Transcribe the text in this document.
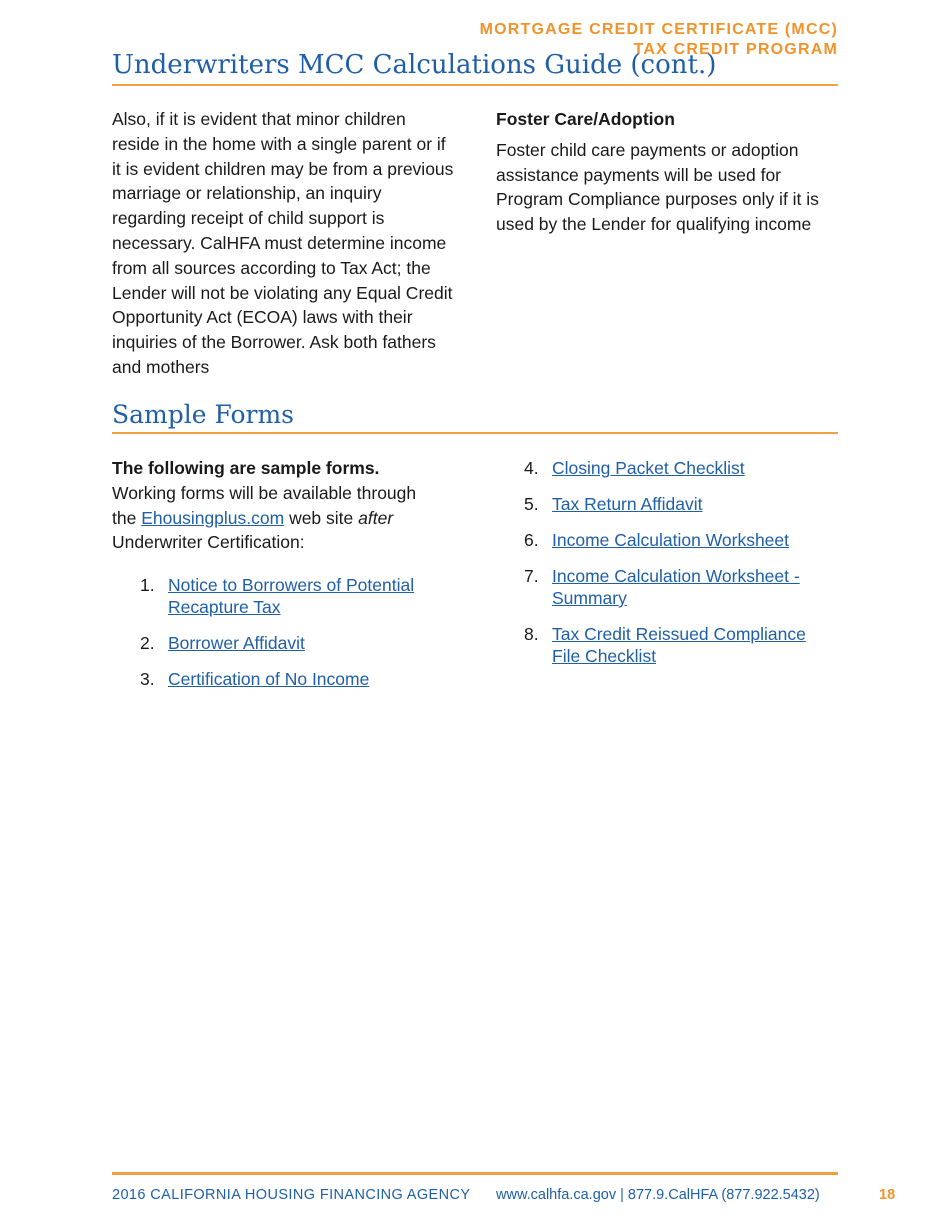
MORTGAGE CREDIT CERTIFICATE (MCC)
TAX CREDIT PROGRAM
Underwriters MCC Calculations Guide (cont.)

Also, if it is evident that minor children reside in the home with a single parent or if it is evident children may be from a previous marriage or relationship, an inquiry regarding receipt of child support is necessary. CalHFA must determine income from all sources according to Tax Act; the Lender will not be violating any Equal Credit Opportunity Act (ECOA) laws with their inquiries of the Borrower. Ask both fathers and mothers

Foster Care/Adoption

Foster child care payments or adoption assistance payments will be used for Program Compliance purposes only if it is used by the Lender for qualifying income

Sample Forms

The following are sample forms.

Working forms will be available through the Ehousingplus.com web site after Underwriter Certification:

1. Notice to Borrowers of Potential Recapture Tax
2. Borrower Affidavit
3. Certification of No Income
4. Closing Packet Checklist
5. Tax Return Affidavit
6. Income Calculation Worksheet
7. Income Calculation Worksheet - Summary
8. Tax Credit Reissued Compliance File Checklist
2016 CALIFORNIA HOUSING FINANCING AGENCY www.calhfa.ca.gov | 877.9.CalHFA (877.922.5432)	18
